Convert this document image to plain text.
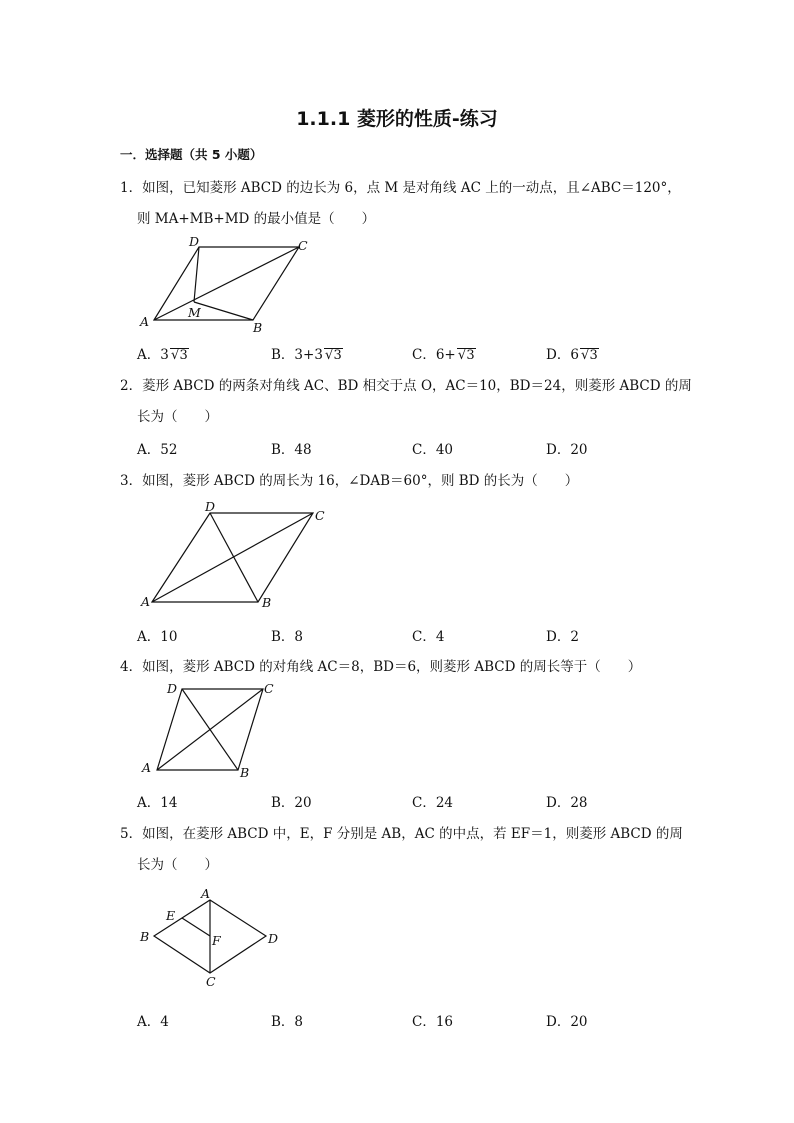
1.1.1 菱形的性质-练习
一．选择题（共 5 小题）
1．如图，已知菱形 ABCD 的边长为 6，点 M 是对角线 AC 上的一动点，且∠ABC＝120°，
则 MA+MB+MD 的最小值是（　　）
A	B
C
D
M
A．3 √3	B．3+3 √3	C．6+ √3	D．6 √3
2．菱形 ABCD 的两条对角线 AC、BD 相交于点 O，AC＝10，BD＝24，则菱形 ABCD 的周
长为（　　）
A．52	B．48	C．40	D．20
3．如图，菱形 ABCD 的周长为 16，∠DAB＝60°，则 BD 的长为（　　）
A	B
C
D
A．10	B．8	C．4	D．2
4．如图，菱形 ABCD 的对角线 AC＝8，BD＝6，则菱形 ABCD 的周长等于（　　）
A	B
C
D
A．14	B．20	C．24	D．28
5．如图，在菱形 ABCD 中，E，F 分别是 AB，AC 的中点，若 EF＝1，则菱形 ABCD 的周
长为（　　）
A
B
C
D
E
F
A．4	B．8	C．16	D．20
